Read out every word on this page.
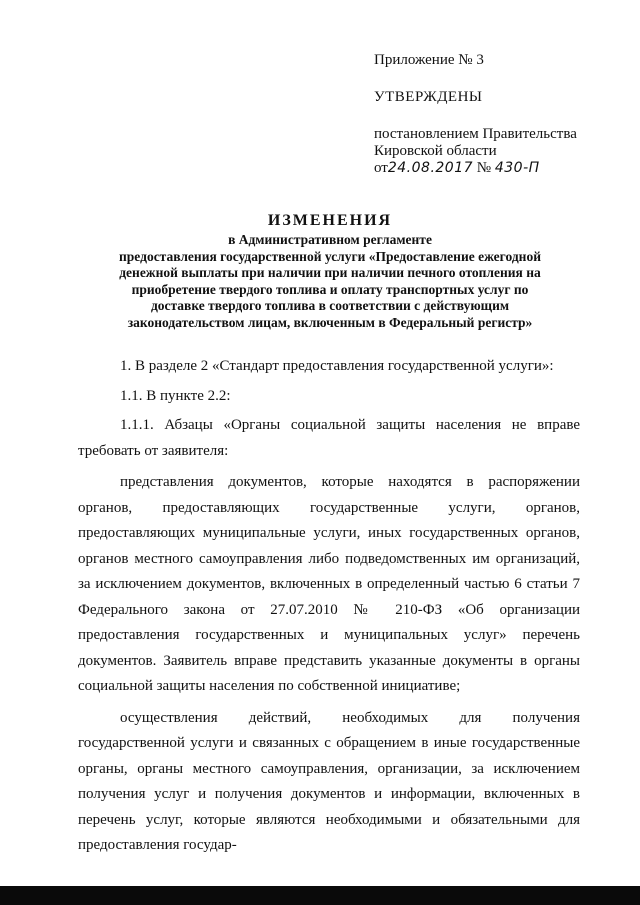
Приложение № 3
УТВЕРЖДЕНЫ
постановлением Правительства
Кировской области
от24.08.2017 № 430-П
ИЗМЕНЕНИЯ
в Административном регламенте
предоставления государственной услуги «Предоставление ежегодной
денежной выплаты при наличии при наличии печного отопления на
приобретение твердого топлива и оплату транспортных услуг по
доставке твердого топлива в соответствии с действующим
законодательством лицам, включенным в Федеральный регистр»

1. В разделе 2 «Стандарт предоставления государственной услуги»:

1.1. В пункте 2.2:

1.1.1. Абзацы «Органы социальной защиты населения не вправе требовать от заявителя:

представления документов, которые находятся в распоряжении органов, предоставляющих государственные услуги, органов, предоставляющих муниципальные услуги, иных государственных органов, органов местного самоуправления либо подведомственных им организаций, за исключением документов, включенных в определенный частью 6 статьи 7 Федерального закона от 27.07.2010 № 210-ФЗ «Об организации предоставления государственных и муниципальных услуг» перечень документов. Заявитель вправе представить указанные документы в органы социальной защиты населения по собственной инициативе;

осуществления действий, необходимых для получения государственной услуги и связанных с обращением в иные государственные органы, органы местного самоуправления, организации, за исключением получения услуг и получения документов и информации, включенных в перечень услуг, которые являются необходимыми и обязательными для предоставления государ-
